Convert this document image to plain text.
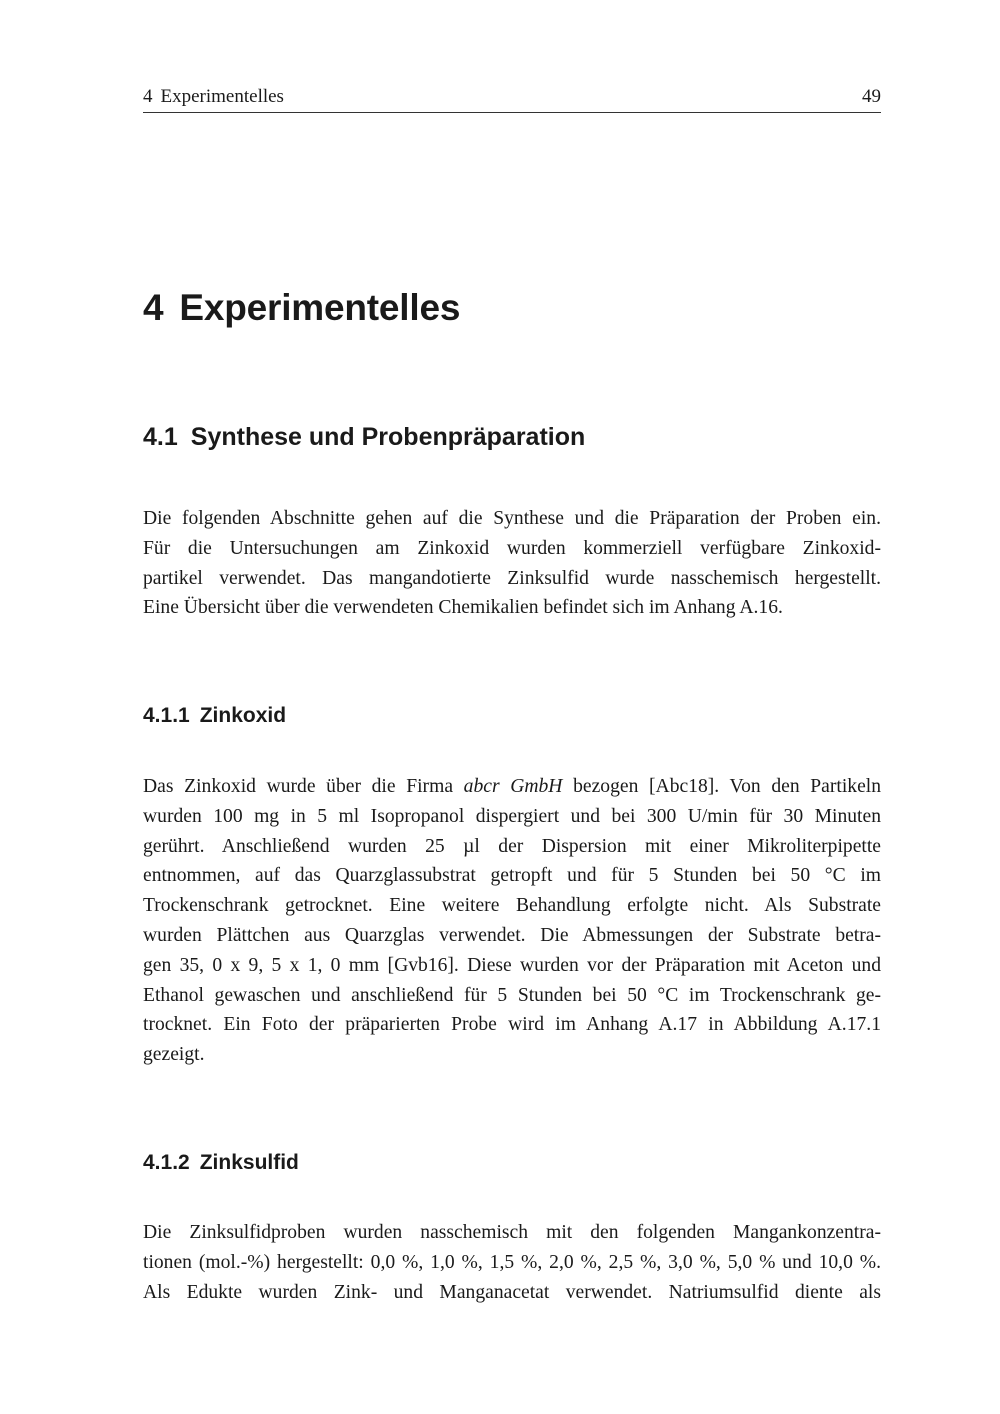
4 Experimentelles	49
4 Experimentelles
4.1 Synthese und Probenpräparation
Die folgenden Abschnitte gehen auf die Synthese und die Präparation der Proben ein.
Für die Untersuchungen am Zinkoxid wurden kommerziell verfügbare Zinkoxid-
partikel verwendet. Das mangandotierte Zinksulfid wurde nasschemisch hergestellt.
Eine Übersicht über die verwendeten Chemikalien befindet sich im Anhang A.16.
4.1.1 Zinkoxid
Das Zinkoxid wurde über die Firma abcr GmbH bezogen [Abc18]. Von den Partikeln
wurden 100 mg in 5 ml Isopropanol dispergiert und bei 300 U/min für 30 Minuten
gerührt. Anschließend wurden 25 µl der Dispersion mit einer Mikroliterpipette
entnommen, auf das Quarzglassubstrat getropft und für 5 Stunden bei 50 °C im
Trockenschrank getrocknet. Eine weitere Behandlung erfolgte nicht. Als Substrate
wurden Plättchen aus Quarzglas verwendet. Die Abmessungen der Substrate betra-
gen 35, 0 x 9, 5 x 1, 0 mm [Gvb16]. Diese wurden vor der Präparation mit Aceton und
Ethanol gewaschen und anschließend für 5 Stunden bei 50 °C im Trockenschrank ge-
trocknet. Ein Foto der präparierten Probe wird im Anhang A.17 in Abbildung A.17.1
gezeigt.
4.1.2 Zinksulfid
Die Zinksulfidproben wurden nasschemisch mit den folgenden Mangankonzentra-
tionen (mol.-%) hergestellt: 0,0 %, 1,0 %, 1,5 %, 2,0 %, 2,5 %, 3,0 %, 5,0 % und 10,0 %.
Als Edukte wurden Zink- und Manganacetat verwendet. Natriumsulfid diente als
